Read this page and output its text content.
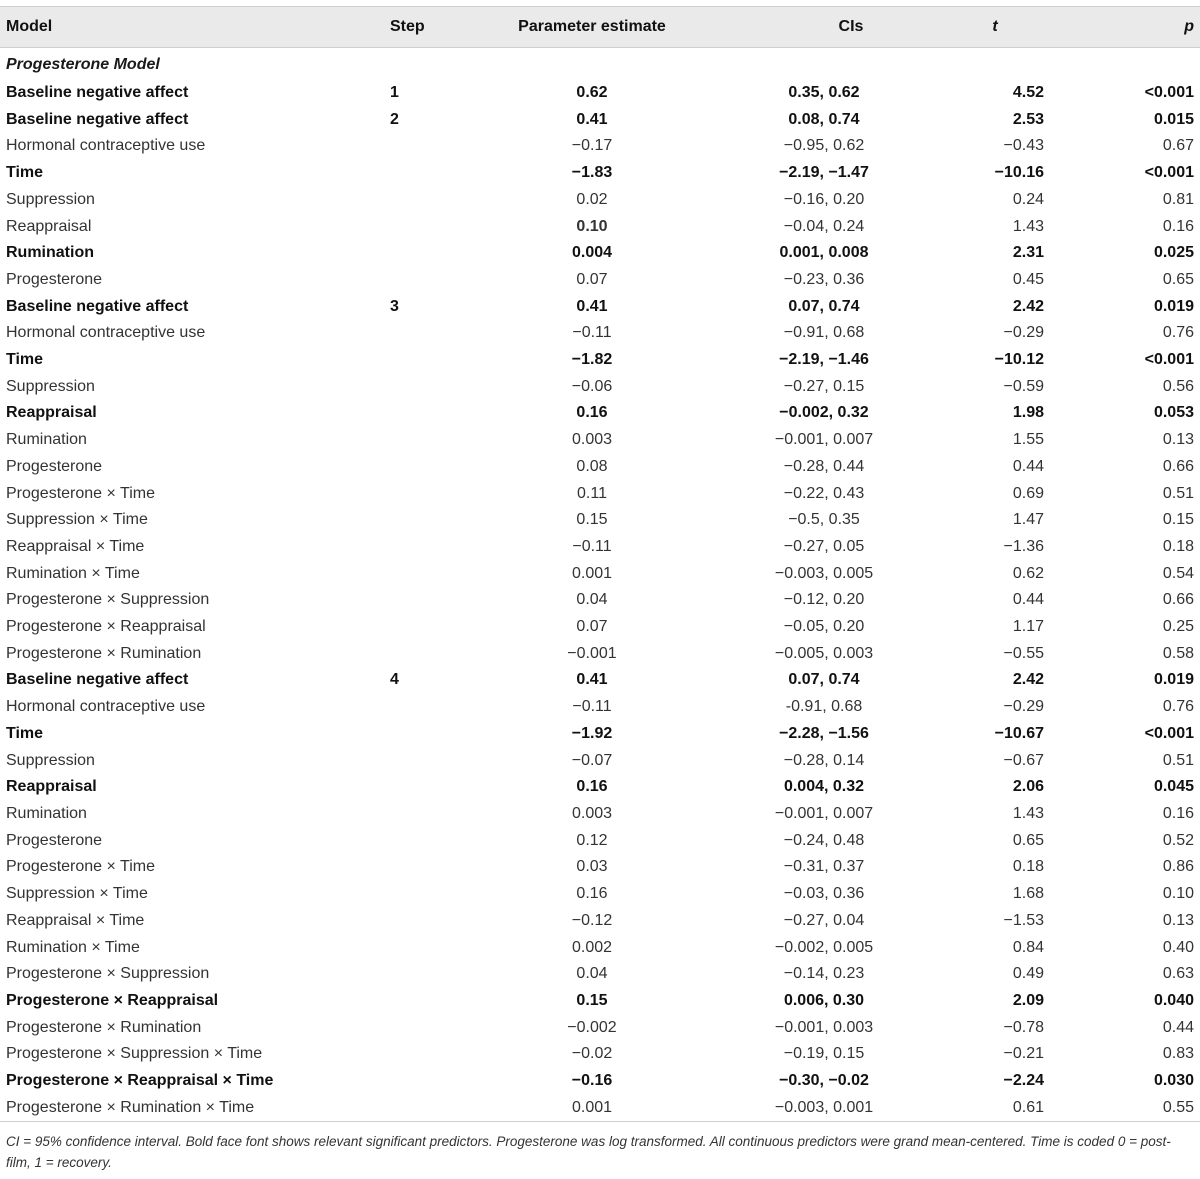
Model	Step	Parameter estimate	CIs	t	p
Progesterone Model					
Baseline negative affect	1	0.62	0.35, 0.62	4.52	<0.001
Baseline negative affect	2	0.41	0.08, 0.74	2.53	0.015
Hormonal contraceptive use		−0.17	−0.95, 0.62	−0.43	0.67
Time		−1.83	−2.19, −1.47	−10.16	<0.001
Suppression		0.02	−0.16, 0.20	0.24	0.81
Reappraisal		0.10	−0.04, 0.24	1.43	0.16
Rumination		0.004	0.001, 0.008	2.31	0.025
Progesterone		0.07	−0.23, 0.36	0.45	0.65
Baseline negative affect	3	0.41	0.07, 0.74	2.42	0.019
Hormonal contraceptive use		−0.11	−0.91, 0.68	−0.29	0.76
Time		−1.82	−2.19, −1.46	−10.12	<0.001
Suppression		−0.06	−0.27, 0.15	−0.59	0.56
Reappraisal		0.16	−0.002, 0.32	1.98	0.053
Rumination		0.003	−0.001, 0.007	1.55	0.13
Progesterone		0.08	−0.28, 0.44	0.44	0.66
Progesterone × Time		0.11	−0.22, 0.43	0.69	0.51
Suppression × Time		0.15	−0.5, 0.35	1.47	0.15
Reappraisal × Time		−0.11	−0.27, 0.05	−1.36	0.18
Rumination × Time		0.001	−0.003, 0.005	0.62	0.54
Progesterone × Suppression		0.04	−0.12, 0.20	0.44	0.66
Progesterone × Reappraisal		0.07	−0.05, 0.20	1.17	0.25
Progesterone × Rumination		−0.001	−0.005, 0.003	−0.55	0.58
Baseline negative affect	4	0.41	0.07, 0.74	2.42	0.019
Hormonal contraceptive use		−0.11	-0.91, 0.68	−0.29	0.76
Time		−1.92	−2.28, −1.56	−10.67	<0.001
Suppression		−0.07	−0.28, 0.14	−0.67	0.51
Reappraisal		0.16	0.004, 0.32	2.06	0.045
Rumination		0.003	−0.001, 0.007	1.43	0.16
Progesterone		0.12	−0.24, 0.48	0.65	0.52
Progesterone × Time		0.03	−0.31, 0.37	0.18	0.86
Suppression × Time		0.16	−0.03, 0.36	1.68	0.10
Reappraisal × Time		−0.12	−0.27, 0.04	−1.53	0.13
Rumination × Time		0.002	−0.002, 0.005	0.84	0.40
Progesterone × Suppression		0.04	−0.14, 0.23	0.49	0.63
Progesterone × Reappraisal		0.15	0.006, 0.30	2.09	0.040
Progesterone × Rumination		−0.002	−0.001, 0.003	−0.78	0.44
Progesterone × Suppression × Time		−0.02	−0.19, 0.15	−0.21	0.83
Progesterone × Reappraisal × Time		−0.16	−0.30, −0.02	−2.24	0.030
Progesterone × Rumination × Time		0.001	−0.003, 0.001	0.61	0.55
CI = 95% confidence interval. Bold face font shows relevant significant predictors. Progesterone was log transformed. All continuous predictors were grand mean-centered. Time is coded 0 = post-film, 1 = recovery.
